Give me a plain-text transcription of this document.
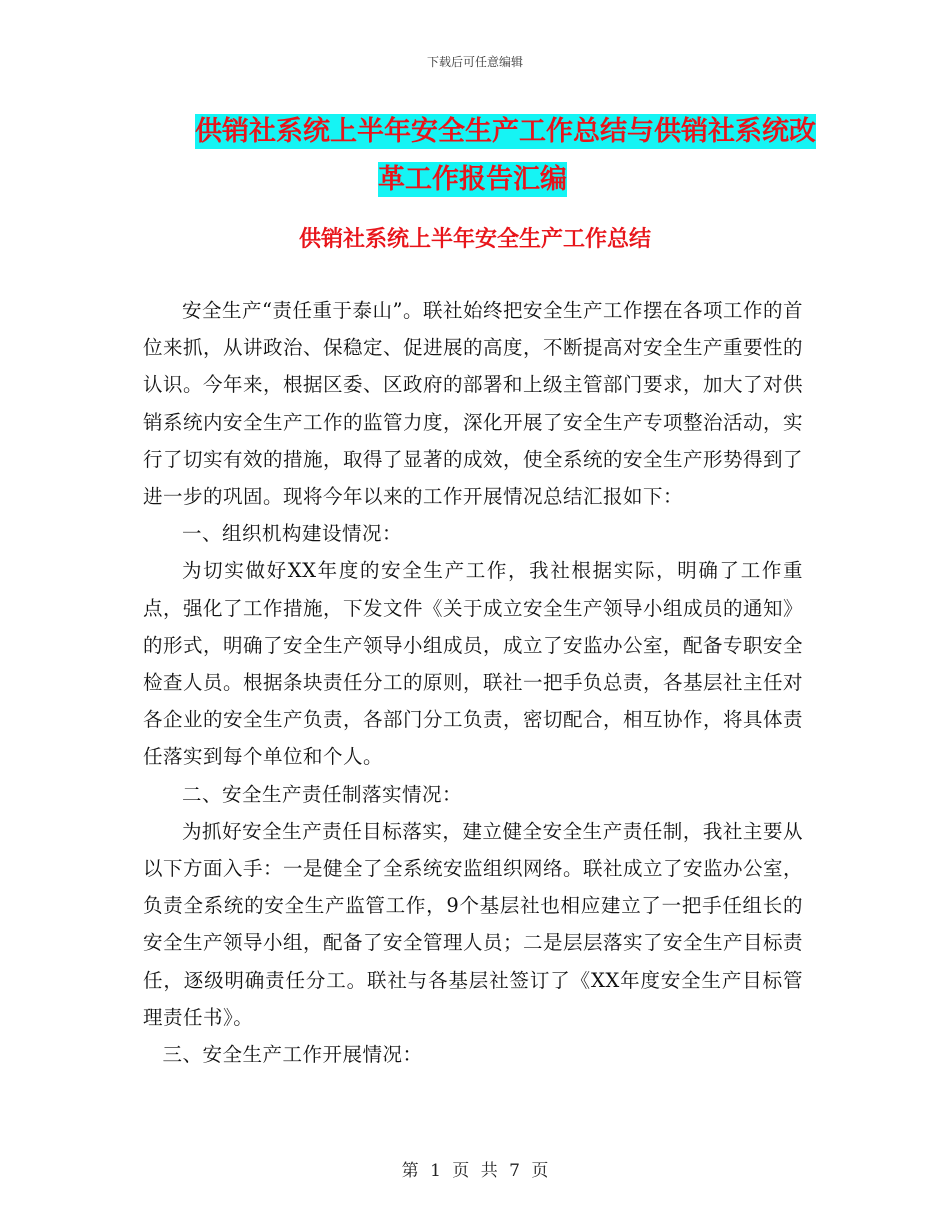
下载后可任意编辑
供销社系统上半年安全生产工作总结与供销社系统改
革工作报告汇编
供销社系统上半年安全生产工作总结

安全生产“责任重于泰山”。联社始终把安全生产工作摆在各项工作的首位来抓，从讲政治、保稳定、促进展的高度，不断提高对安全生产重要性的认识。今年来，根据区委、区政府的部署和上级主管部门要求，加大了对供销系统内安全生产工作的监管力度，深化开展了安全生产专项整治活动，实行了切实有效的措施，取得了显著的成效，使全系统的安全生产形势得到了进一步的巩固。现将今年以来的工作开展情况总结汇报如下：

一、组织机构建设情况：

为切实做好XX年度的安全生产工作，我社根据实际，明确了工作重点，强化了工作措施，下发文件《关于成立安全生产领导小组成员的通知》的形式，明确了安全生产领导小组成员，成立了安监办公室，配备专职安全检查人员。根据条块责任分工的原则，联社一把手负总责，各基层社主任对各企业的安全生产负责，各部门分工负责，密切配合，相互协作，将具体责任落实到每个单位和个人。

二、安全生产责任制落实情况：

为抓好安全生产责任目标落实，建立健全安全生产责任制，我社主要从以下方面入手：一是健全了全系统安监组织网络。联社成立了安监办公室，负责全系统的安全生产监管工作，9个基层社也相应建立了一把手任组长的安全生产领导小组，配备了安全管理人员；二是层层落实了安全生产目标责任，逐级明确责任分工。联社与各基层社签订了《XX年度安全生产目标管理责任书》。

三、安全生产工作开展情况：

第 1 页 共 7 页
